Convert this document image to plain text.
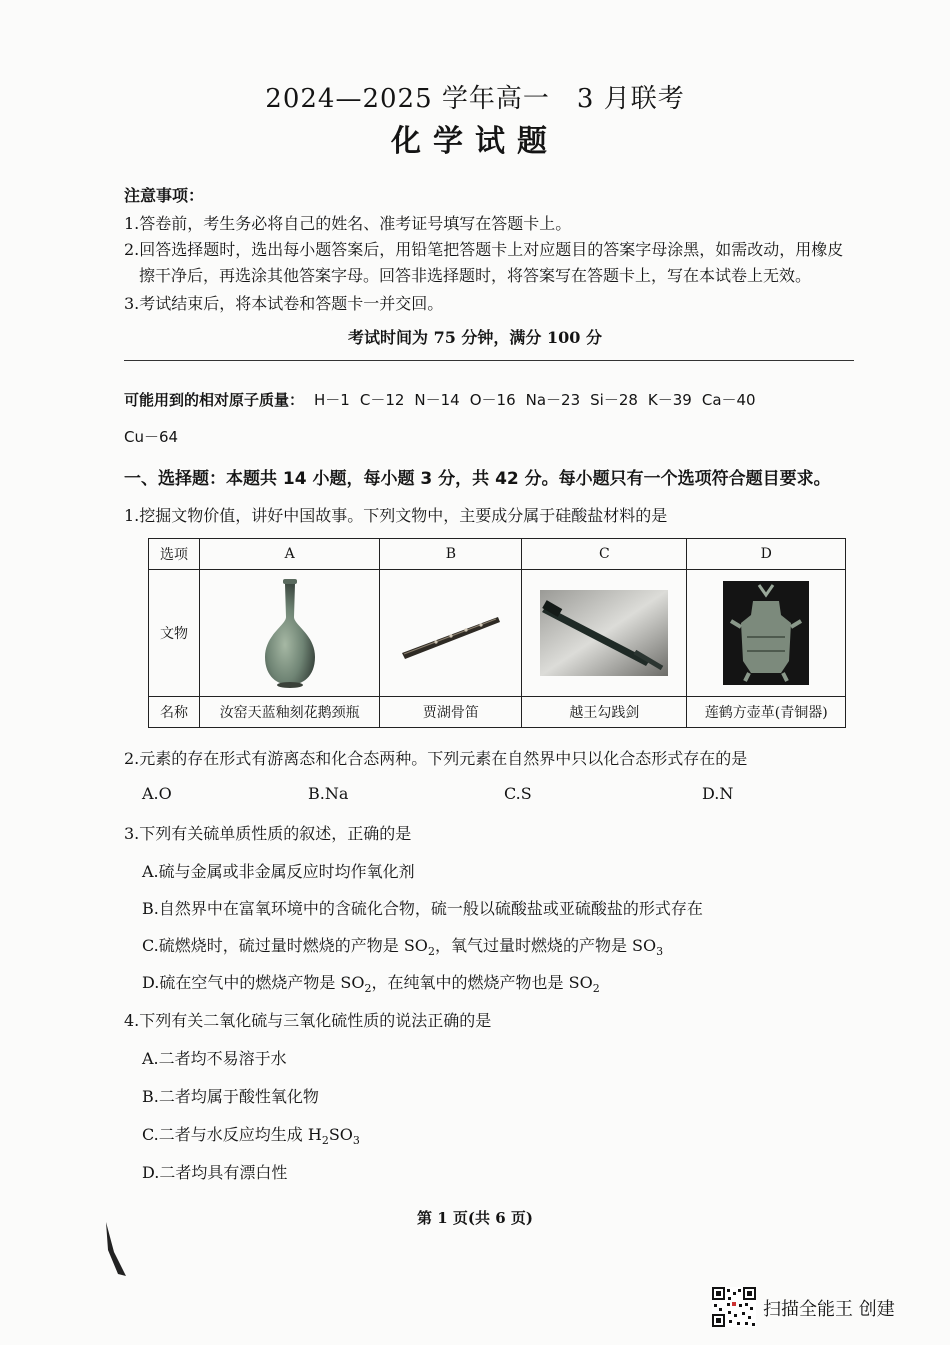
2024—2025 学年高一　3 月联考
化学试题
注意事项：
1.答卷前，考生务必将自己的姓名、准考证号填写在答题卡上。
2.回答选择题时，选出每小题答案后，用铅笔把答题卡上对应题目的答案字母涂黑，如需改动，用橡皮
擦干净后，再选涂其他答案字母。回答非选择题时，将答案写在答题卡上，写在本试卷上无效。
3.考试结束后，将本试卷和答题卡一并交回。
考试时间为 75 分钟，满分 100 分
可能用到的相对原子质量： H－1 C－12 N－14 O－16 Na－23 Si－28 K－39 Ca－40
Cu－64
一、选择题：本题共 14 小题，每小题 3 分，共 42 分。每小题只有一个选项符合题目要求。
1.挖掘文物价值，讲好中国故事。下列文物中，主要成分属于硅酸盐材料的是
选项	A	B	C	D
文物	

名称	汝窑天蓝釉刻花鹅颈瓶	贾湖骨笛	越王勾践剑	莲鹤方壶革(青铜器)
2.元素的存在形式有游离态和化合态两种。下列元素在自然界中只以化合态形式存在的是
A.O	B.Na	C.S	D.N
3.下列有关硫单质性质的叙述，正确的是
A.硫与金属或非金属反应时均作氧化剂
B.自然界中在富氧环境中的含硫化合物，硫一般以硫酸盐或亚硫酸盐的形式存在
C.硫燃烧时，硫过量时燃烧的产物是 $SO_2$，氧气过量时燃烧的产物是 $SO_3$
D.硫在空气中的燃烧产物是 $SO_2$，在纯氧中的燃烧产物也是 $SO_2$
4.下列有关二氧化硫与三氧化硫性质的说法正确的是
A.二者均不易溶于水
B.二者均属于酸性氧化物
C.二者与水反应均生成 $H_2SO_3$
D.二者均具有漂白性
第 1 页(共 6 页)
扫描全能王 创建
